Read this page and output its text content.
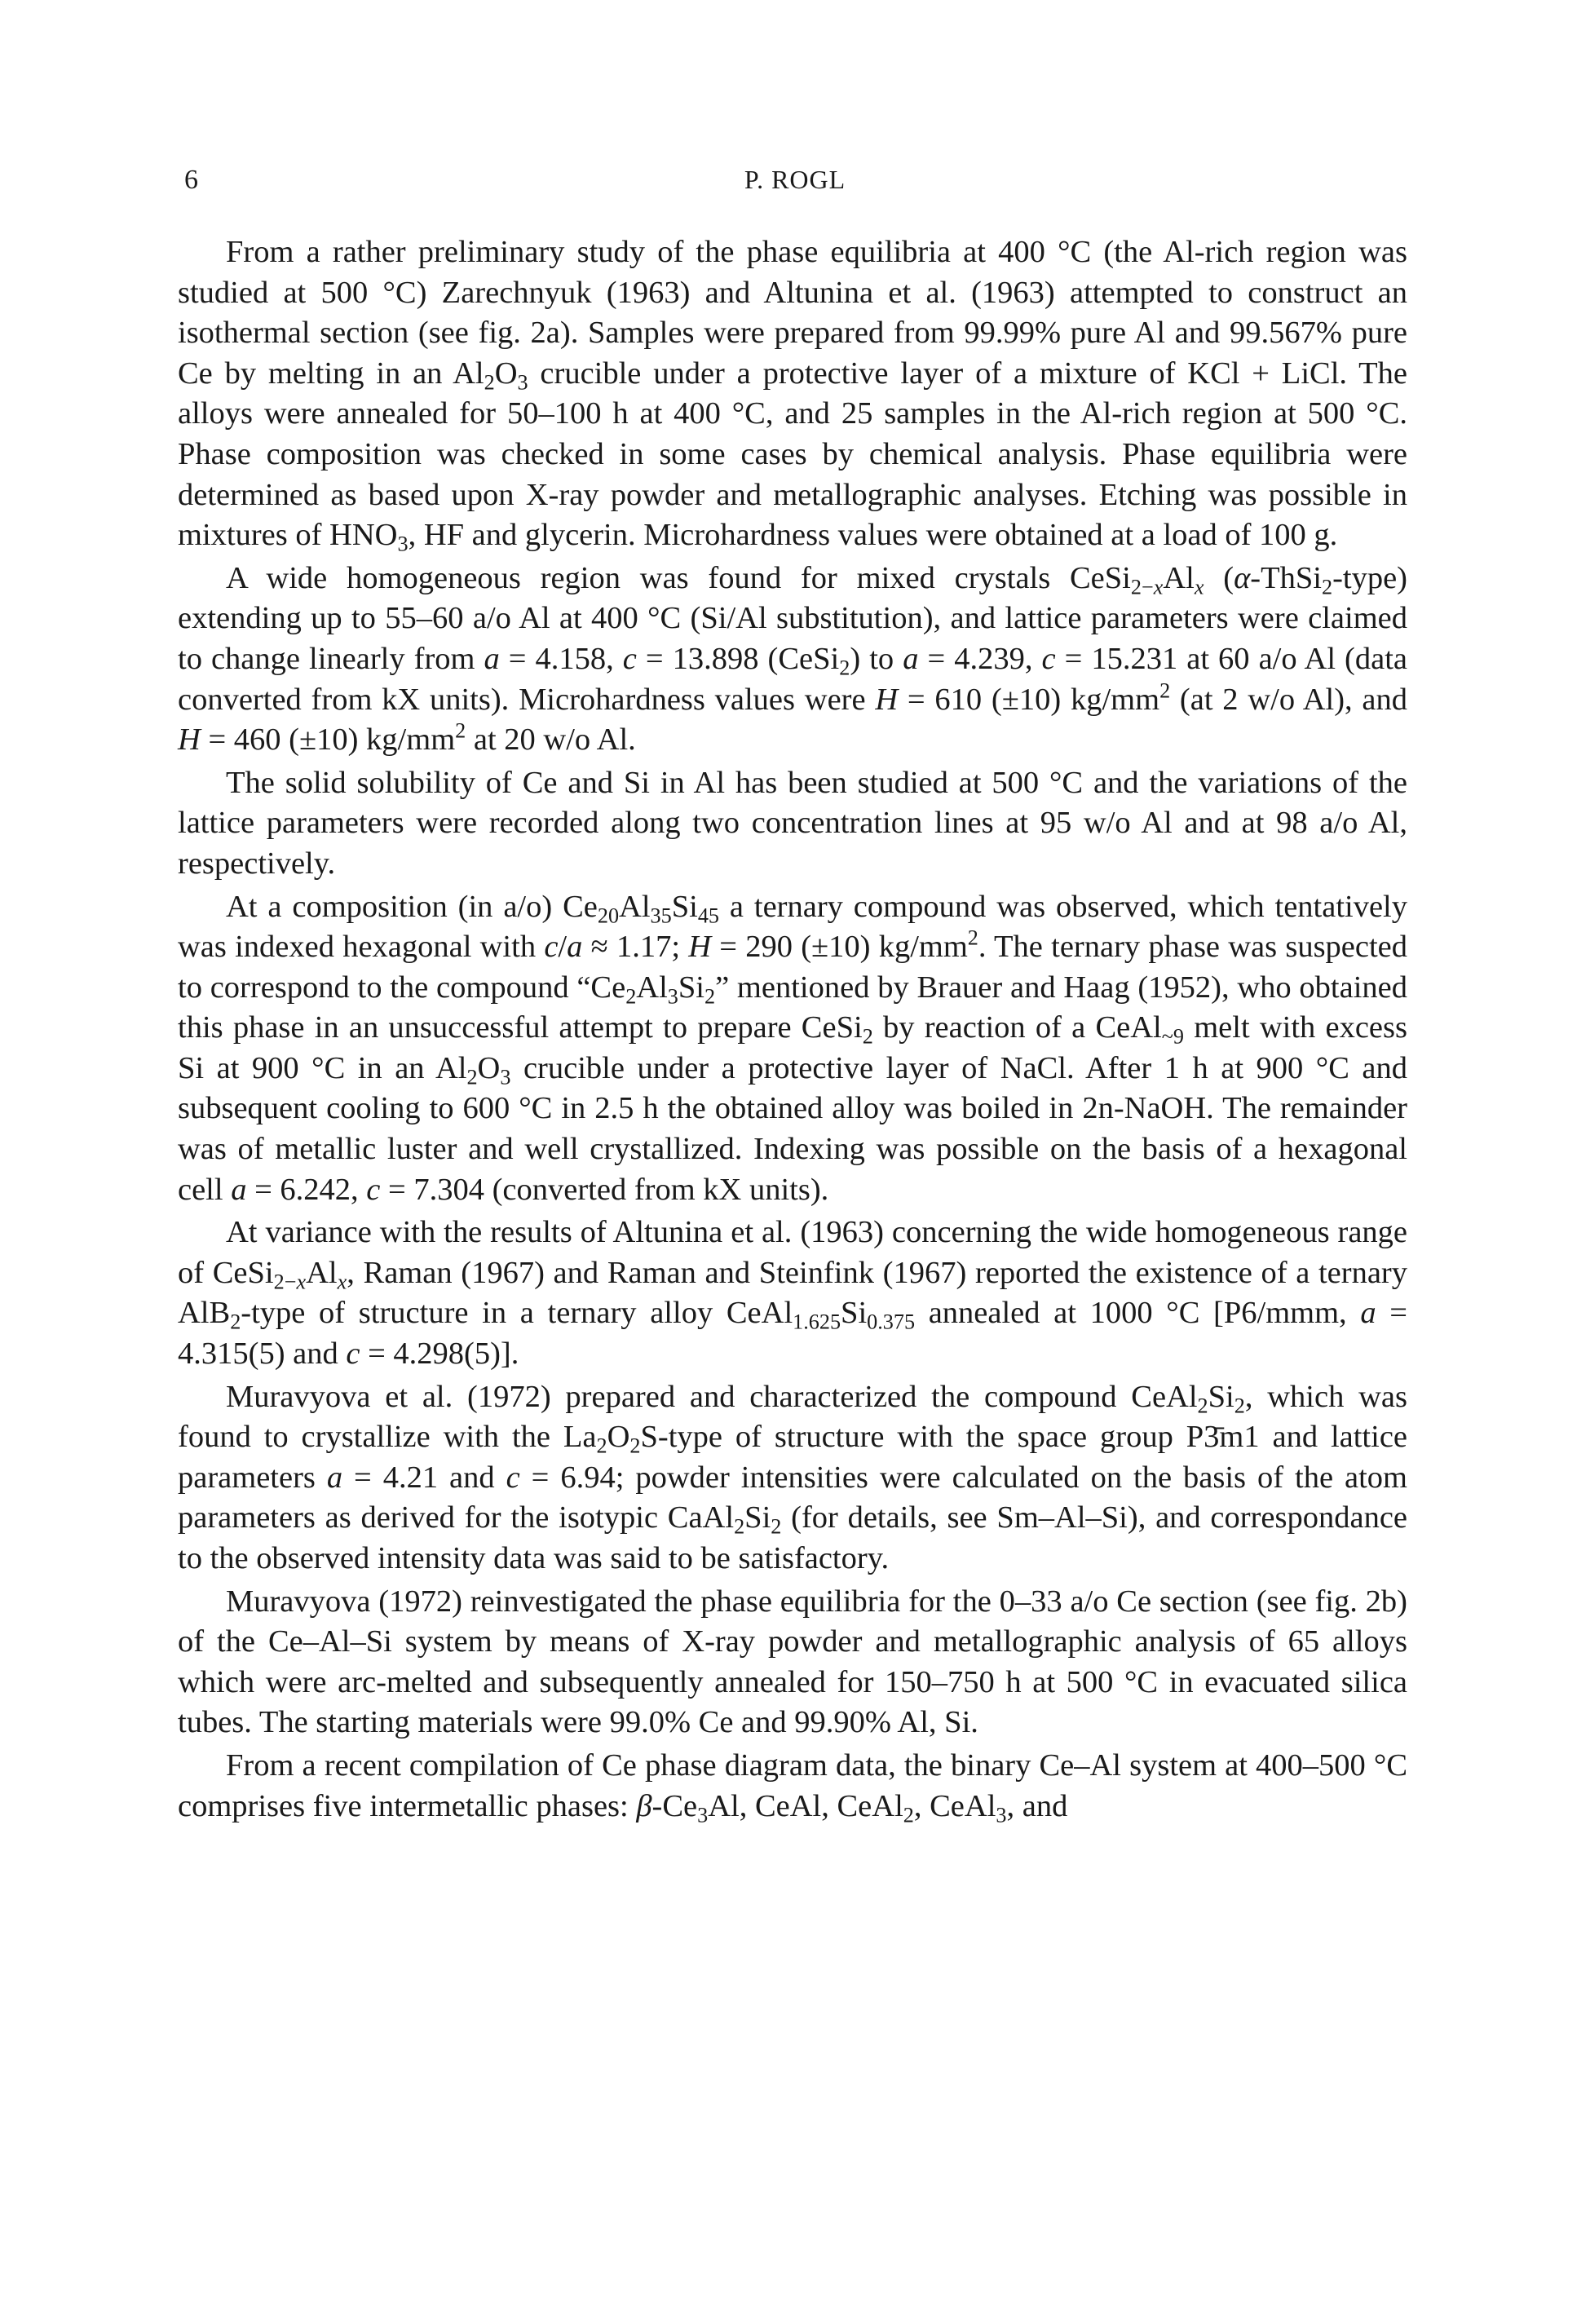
6	P. ROGL

From a rather preliminary study of the phase equilibria at 400 °C (the Al-rich region was studied at 500 °C) Zarechnyuk (1963) and Altunina et al. (1963) attempted to construct an isothermal section (see fig. 2a). Samples were prepared from 99.99% pure Al and 99.567% pure Ce by melting in an $Al_2O_3$ crucible under a protective layer of a mixture of KCl + LiCl. The alloys were annealed for 50–100 h at 400 °C, and 25 samples in the Al-rich region at 500 °C. Phase composition was checked in some cases by chemical analysis. Phase equilibria were determined as based upon X-ray powder and metallographic analyses. Etching was possible in mixtures of $HNO_3$, HF and glycerin. Microhardness values were obtained at a load of 100 g.

A wide homogeneous region was found for mixed crystals $CeSi_{2-x}Al_x$ (α-ThSi$_2$-type) extending up to 55–60 a/o Al at 400 °C (Si/Al substitution), and lattice parameters were claimed to change linearly from a = 4.158, c = 13.898 (CeSi$_2$) to a = 4.239, c = 15.231 at 60 a/o Al (data converted from kX units). Microhardness values were H = 610 (±10) $kg/mm^2$ (at 2 w/o Al), and H = 460 (±10) $kg/mm^2$ at 20 w/o Al.

The solid solubility of Ce and Si in Al has been studied at 500 °C and the variations of the lattice parameters were recorded along two concentration lines at 95 w/o Al and at 98 a/o Al, respectively.

At a composition (in a/o) $Ce_{20}Al_{35}Si_{45}$ a ternary compound was observed, which tentatively was indexed hexagonal with c/a ≈ 1.17; H = 290 (±10) $kg/mm^2$. The ternary phase was suspected to correspond to the compound “$Ce_2Al_3Si_2$” mentioned by Brauer and Haag (1952), who obtained this phase in an unsuccessful attempt to prepare CeSi$_2$ by reaction of a CeAl$_{\sim 9}$ melt with excess Si at 900 °C in an $Al_2O_3$ crucible under a protective layer of NaCl. After 1 h at 900 °C and subsequent cooling to 600 °C in 2.5 h the obtained alloy was boiled in 2n-NaOH. The remainder was of metallic luster and well crystallized. Indexing was possible on the basis of a hexagonal cell a = 6.242, c = 7.304 (converted from kX units).

At variance with the results of Altunina et al. (1963) concerning the wide homogeneous range of $CeSi_{2-x}Al_x$, Raman (1967) and Raman and Steinfink (1967) reported the existence of a ternary AlB$_2$-type of structure in a ternary alloy $CeAl_{1.625}Si_{0.375}$ annealed at 1000 °C [P6/mmm, a = 4.315(5) and c = 4.298(5)].

Muravyova et al. (1972) prepared and characterized the compound $CeAl_2Si_2$, which was found to crystallize with the $La_2O_2S$-type of structure with the space group P3̄m1 and lattice parameters a = 4.21 and c = 6.94; powder intensities were calculated on the basis of the atom parameters as derived for the isotypic $CaAl_2Si_2$ (for details, see Sm–Al–Si), and correspondance to the observed intensity data was said to be satisfactory.

Muravyova (1972) reinvestigated the phase equilibria for the 0–33 a/o Ce section (see fig. 2b) of the Ce–Al–Si system by means of X-ray powder and metallographic analysis of 65 alloys which were arc-melted and subsequently annealed for 150–750 h at 500 °C in evacuated silica tubes. The starting materials were 99.0% Ce and 99.90% Al, Si.

From a recent compilation of Ce phase diagram data, the binary Ce–Al system at 400–500 °C comprises five intermetallic phases: $\beta-Ce_3Al$, CeAl, CeAl$_2$, CeAl$_3$, and
